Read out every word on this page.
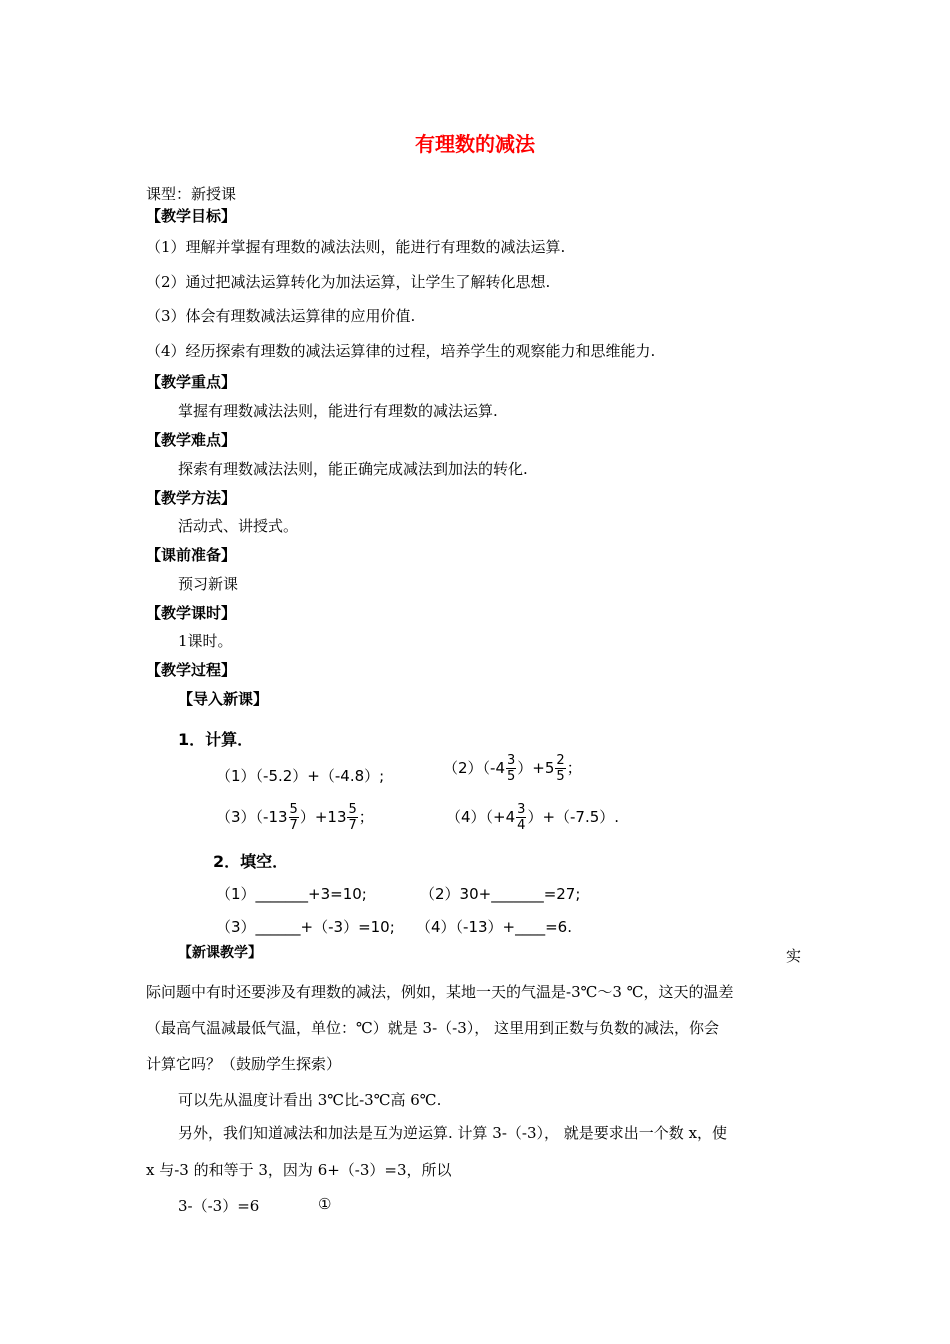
有理数的减法
课型：新授课
【教学目标】
（1）理解并掌握有理数的减法法则，能进行有理数的减法运算.
（2）通过把减法运算转化为加法运算，让学生了解转化思想.
（3）体会有理数减法运算律的应用价值.
（4）经历探索有理数的减法运算律的过程，培养学生的观察能力和思维能力.
【教学重点】
掌握有理数减法法则，能进行有理数的减法运算.
【教学难点】
探索有理数减法法则，能正确完成减法到加法的转化.
【教学方法】
活动式、讲授式。
【课前准备】
预习新课
【教学课时】
1课时。
【教学过程】
【导入新课】
1．计算．
（1）（-5.2）+（-4.8）;	$(2)(-4 \frac{3}{5} )+5 \frac{2}{5}$ ；
$(3)(-13 \frac{5}{7} )+13 \frac{5}{7}$ ；	$(4)(+4 \frac{3}{4} )+(-7.5)$.
2．填空．
（1）_______+3=10;	（2）30+_______=27;
（3）______+（-3）=10; （4）（-13）+____=6.
【新课教学】	实
际问题中有时还要涉及有理数的减法，例如，某地一天的气温是-3℃～3 ℃，这天的温差
（最高气温减最低气温，单位：℃）就是 3-（-3）， 这里用到正数与负数的减法，你会
计算它吗？（鼓励学生探索）
可以先从温度计看出 3℃比-3℃高 6℃.
另外，我们知道减法和加法是互为逆运算. 计算 3-（-3）， 就是要求出一个数 x，使
x 与-3 的和等于 3，因为 6+（-3）=3，所以
3-（-3）=6	①
